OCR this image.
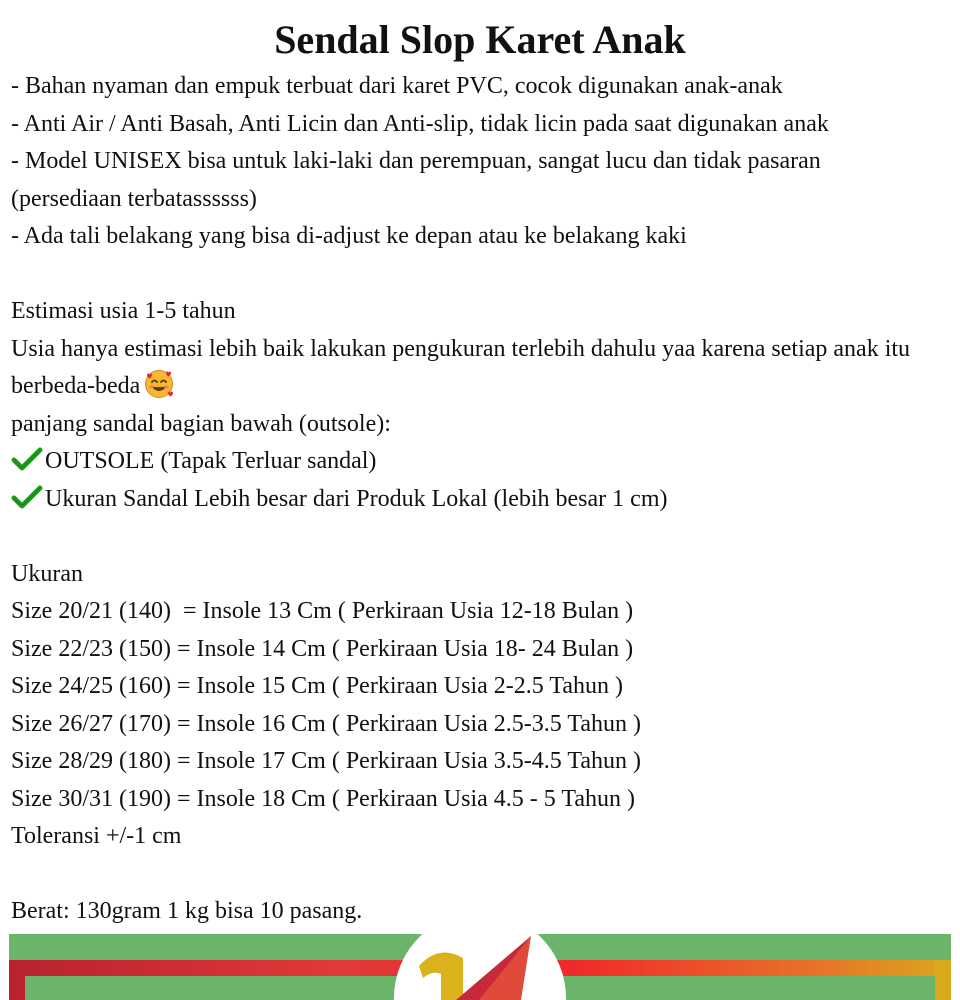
Sendal Slop Karet Anak
- Bahan nyaman dan empuk terbuat dari karet PVC, cocok digunakan anak-anak
- Anti Air / Anti Basah, Anti Licin dan Anti-slip, tidak licin pada saat digunakan anak
- Model UNISEX bisa untuk laki-laki dan perempuan, sangat lucu dan tidak pasaran (persediaan terbatassssss)
- Ada tali belakang yang bisa di-adjust ke depan atau ke belakang kaki
Estimasi usia 1-5 tahun
Usia hanya estimasi lebih baik lakukan pengukuran terlebih dahulu yaa karena setiap anak itu berbeda-beda
panjang sandal bagian bawah (outsole):
OUTSOLE (Tapak Terluar sandal)
Ukuran Sandal Lebih besar dari Produk Lokal (lebih besar 1 cm)
Ukuran
Size 20/21 (140)  = Insole 13 Cm ( Perkiraan Usia 12-18 Bulan )
Size 22/23 (150) = Insole 14 Cm ( Perkiraan Usia 18- 24 Bulan )
Size 24/25 (160) = Insole 15 Cm ( Perkiraan Usia 2-2.5 Tahun )
Size 26/27 (170) = Insole 16 Cm ( Perkiraan Usia 2.5-3.5 Tahun )
Size 28/29 (180) = Insole 17 Cm ( Perkiraan Usia 3.5-4.5 Tahun )
Size 30/31 (190) = Insole 18 Cm ( Perkiraan Usia 4.5 - 5 Tahun )
Toleransi +/-1 cm
Berat: 130gram 1 kg bisa 10 pasang.
